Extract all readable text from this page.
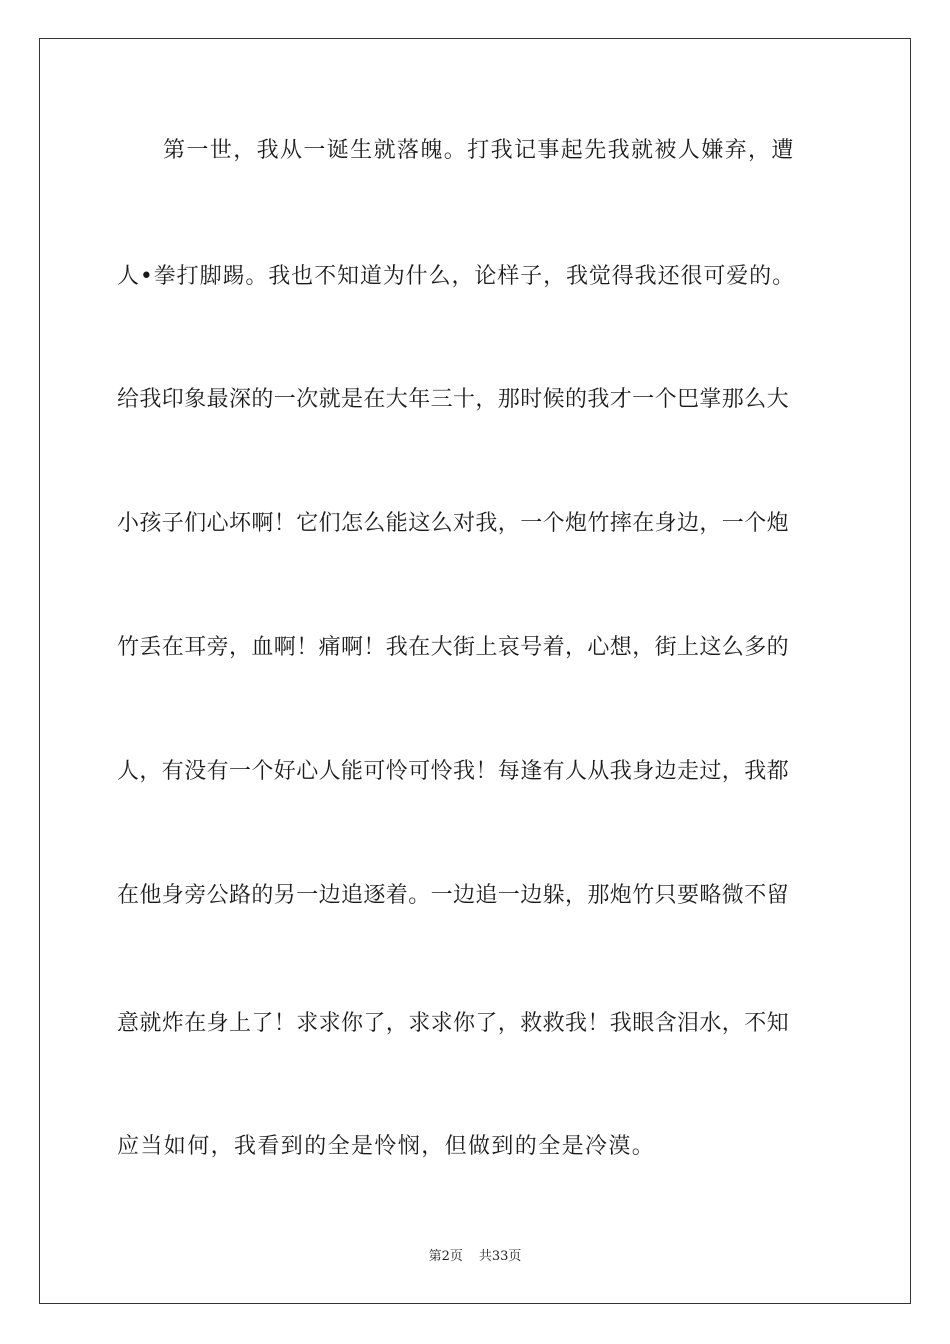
第一世，我从一诞生就落魄。打我记事起先我就被人嫌弃，遭
人•拳打脚踢。我也不知道为什么，论样子，我觉得我还很可爱的。
给我印象最深的一次就是在大年三十，那时候的我才一个巴掌那么大
小孩子们心坏啊！它们怎么能这么对我，一个炮竹摔在身边，一个炮
竹丢在耳旁，血啊！痛啊！我在大街上哀号着，心想，街上这么多的
人，有没有一个好心人能可怜可怜我！每逢有人从我身边走过，我都
在他身旁公路的另一边追逐着。一边追一边躲，那炮竹只要略微不留
意就炸在身上了！求求你了，求求你了，救救我！我眼含泪水，不知
应当如何，我看到的全是怜悯，但做到的全是冷漠。
第2页 共33页
